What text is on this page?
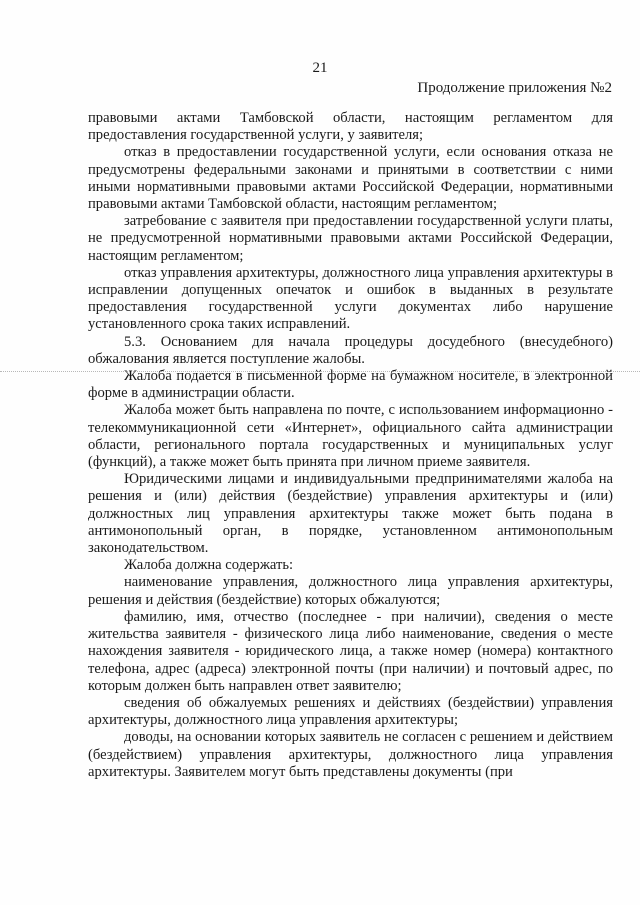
21
Продолжение приложения №2

правовыми актами Тамбовской области, настоящим регламентом для предоставления государственной услуги, у заявителя;

отказ в предоставлении государственной услуги, если основания отказа не предусмотрены федеральными законами и принятыми в соответствии с ними иными нормативными правовыми актами Российской Федерации, нормативными правовыми актами Тамбовской области, настоящим регламентом;

затребование с заявителя при предоставлении государственной услуги платы, не предусмотренной нормативными правовыми актами Российской Федерации, настоящим регламентом;

отказ управления архитектуры, должностного лица управления архитектуры в исправлении допущенных опечаток и ошибок в выданных в результате предоставления государственной услуги документах либо нарушение установленного срока таких исправлений.

5.3. Основанием для начала процедуры досудебного (внесудебного) обжалования является поступление жалобы.

Жалоба подается в письменной форме на бумажном носителе, в электронной форме в администрации области.

Жалоба может быть направлена по почте, с использованием информационно - телекоммуникационной сети «Интернет», официального сайта администрации области, регионального портала государственных и муниципальных услуг (функций), а также может быть принята при личном приеме заявителя.

Юридическими лицами и индивидуальными предпринимателями жалоба на решения и (или) действия (бездействие) управления архитектуры и (или) должностных лиц управления архитектуры также может быть подана в антимонопольный орган, в порядке, установленном антимонопольным законодательством.

Жалоба должна содержать:

наименование управления, должностного лица управления архитектуры, решения и действия (бездействие) которых обжалуются;

фамилию, имя, отчество (последнее - при наличии), сведения о месте жительства заявителя - физического лица либо наименование, сведения о месте нахождения заявителя - юридического лица, а также номер (номера) контактного телефона, адрес (адреса) электронной почты (при наличии) и почтовый адрес, по которым должен быть направлен ответ заявителю;

сведения об обжалуемых решениях и действиях (бездействии) управления архитектуры, должностного лица управления архитектуры;

доводы, на основании которых заявитель не согласен с решением и действием (бездействием) управления архитектуры, должностного лица управления архитектуры. Заявителем могут быть представлены документы (при
